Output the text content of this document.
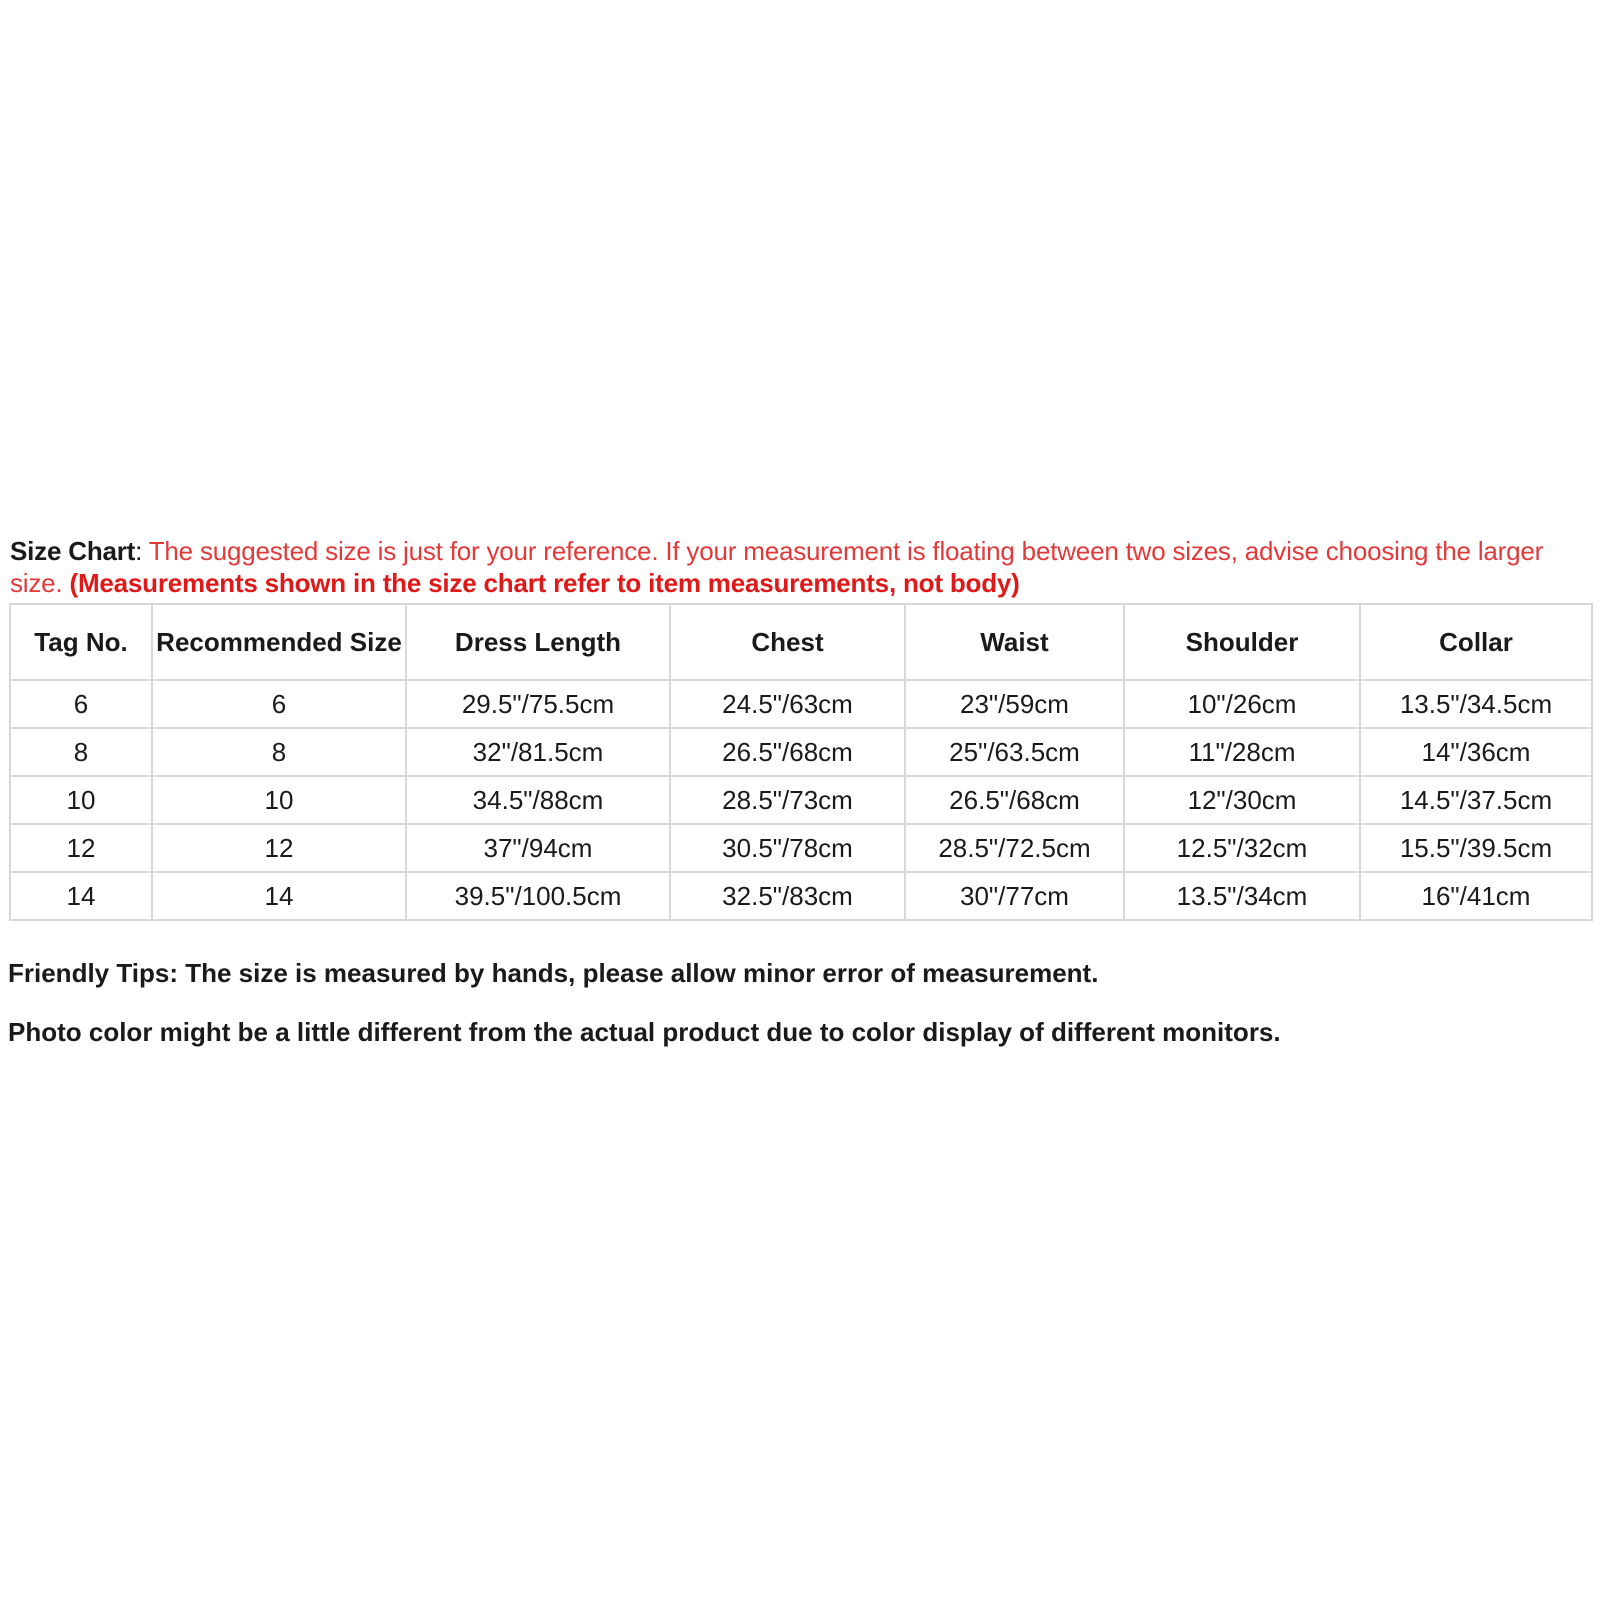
Size Chart: The suggested size is just for your reference. If your measurement is floating between two sizes, advise choosing the larger size. (Measurements shown in the size chart refer to item measurements, not body)
Tag No.	Recommended Size	Dress Length	Chest	Waist	Shoulder	Collar
6	6	29.5"/75.5cm	24.5"/63cm	23"/59cm	10"/26cm	13.5"/34.5cm
8	8	32"/81.5cm	26.5"/68cm	25"/63.5cm	11"/28cm	14"/36cm
10	10	34.5"/88cm	28.5"/73cm	26.5"/68cm	12"/30cm	14.5"/37.5cm
12	12	37"/94cm	30.5"/78cm	28.5"/72.5cm	12.5"/32cm	15.5"/39.5cm
14	14	39.5"/100.5cm	32.5"/83cm	30"/77cm	13.5"/34cm	16"/41cm
Friendly Tips: The size is measured by hands, please allow minor error of measurement.
Photo color might be a little different from the actual product due to color display of different monitors.
